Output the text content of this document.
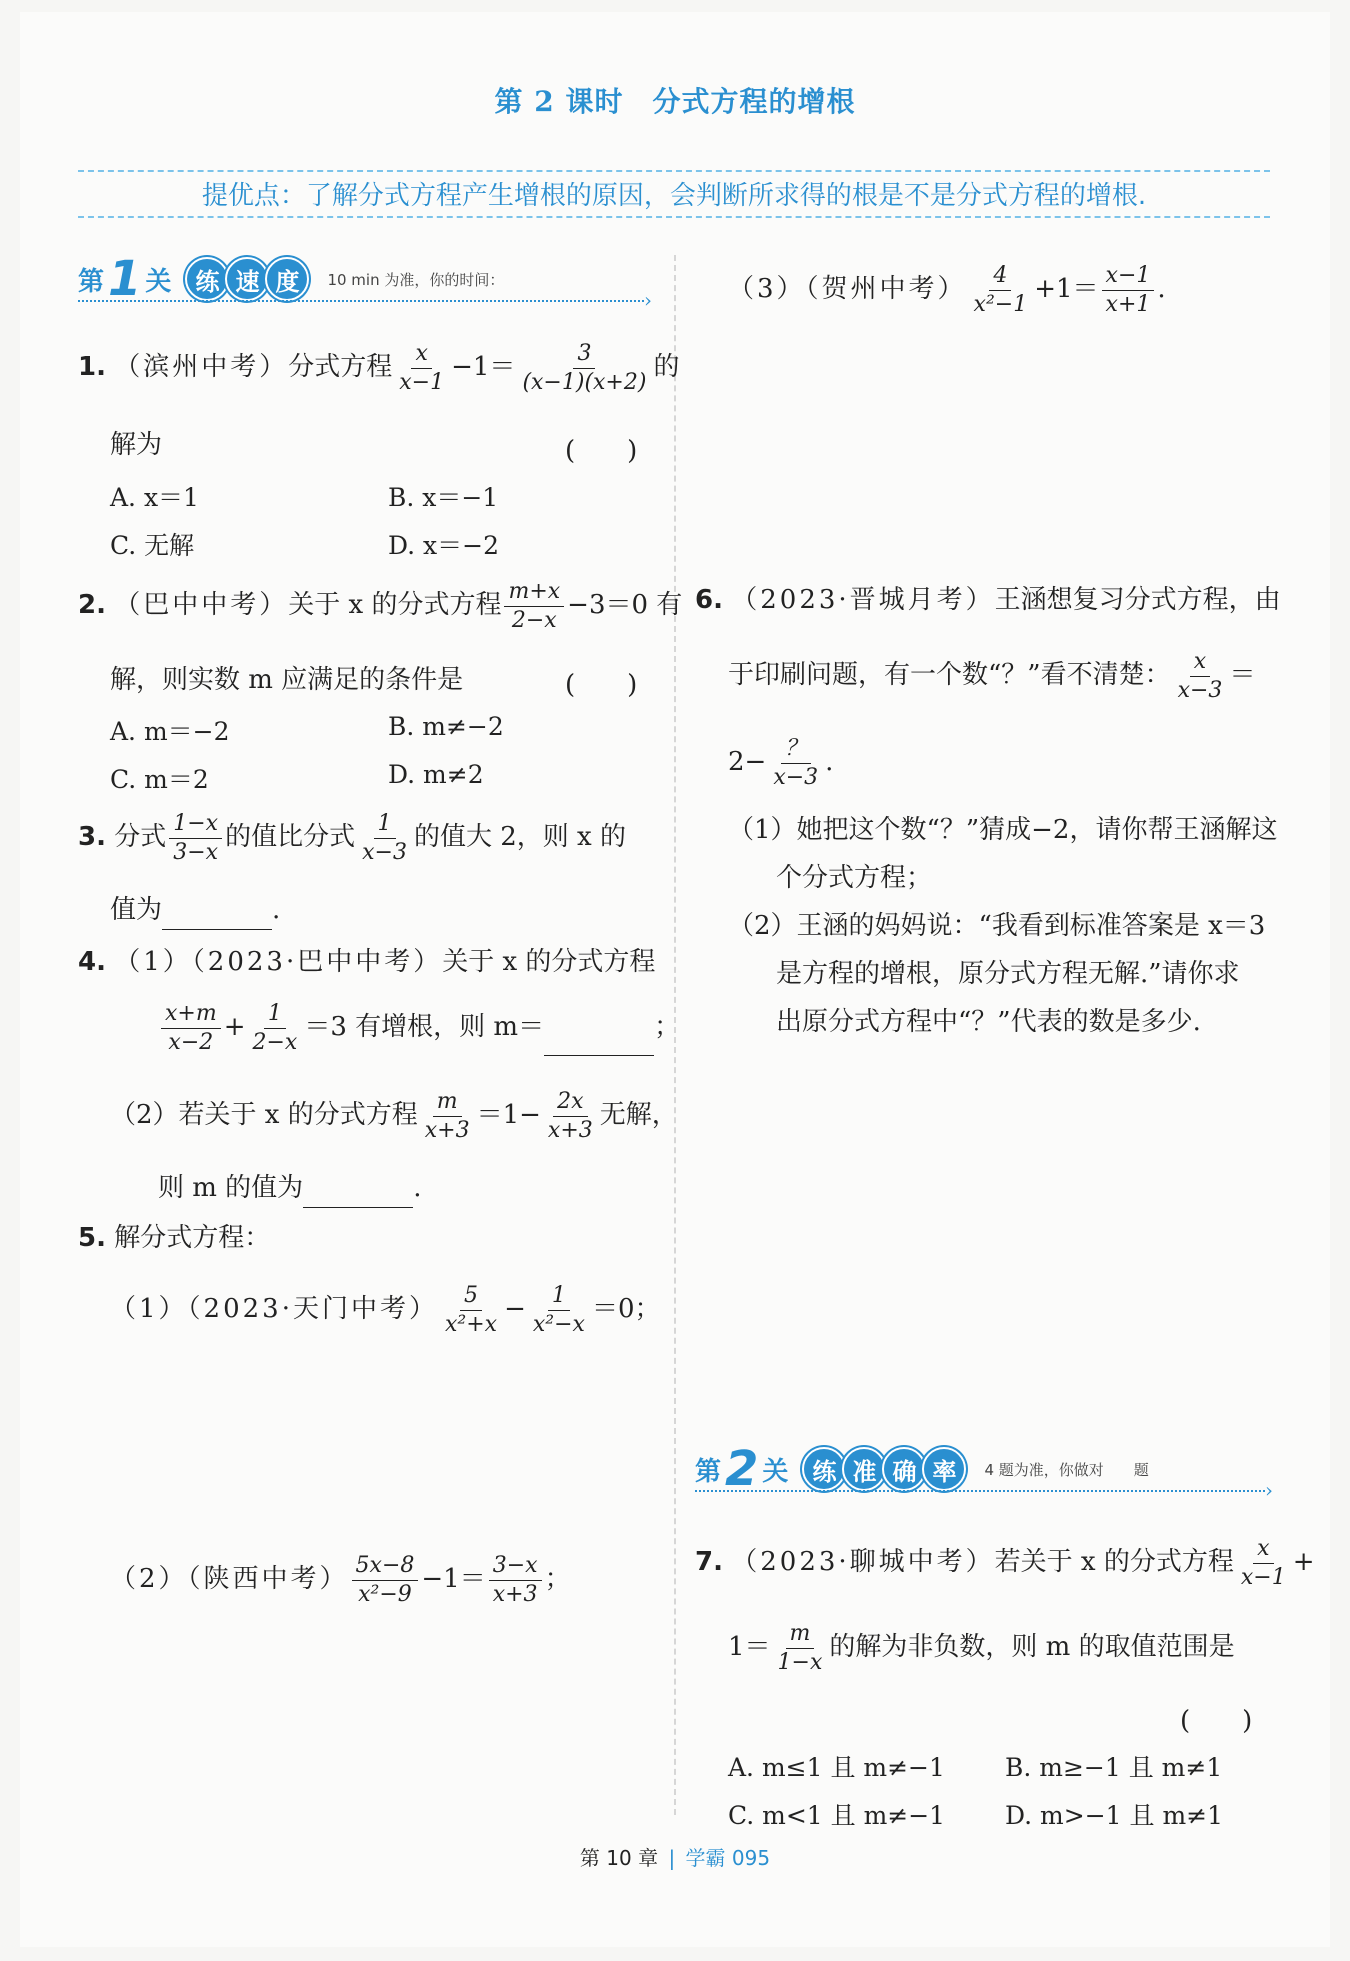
第 2 课时　分式方程的增根
提优点：了解分式方程产生增根的原因，会判断所求得的根是不是分式方程的增根.
第 1 关	练 速 度	10 min 为准，你的时间：
›
1. （滨州中考）分式方程 $\frac{x}{x-1} -1= \frac{3}{(x-1)(x+2)}$ 的
解为	(　　)
A. x＝1	B. x＝−1
C. 无解	D. x＝−2
2. （巴中中考）关于 x 的分式方程 $\frac{m+x}{2-x} -3=0$ 有
解，则实数 m 应满足的条件是	(　　)
A. m＝−2	B. m≠−2
C. m＝2	D. m≠2
3. 分式 $\frac{1-x}{3-x}$ 的值比分式 $\frac{1}{x-3}$ 的值大 2，则 x 的
值为	.
4. （1）（2023·巴中中考）关于 x 的分式方程
$\frac{x+m}{x-2} + \frac{1}{2-x} =3$ 有增根，则 m＝	；
（2）若关于 x 的分式方程 $\frac{m}{x+3} =1- \frac{2x}{x+3}$ 无解，
则 m 的值为	.
5. 解分式方程：
（1）（2023·天门中考） $\frac{5}{\text{x²+x}} - \frac{1}{\text{x²−x}} =0$；
（2）（陕西中考） $\frac{5x-8}{\text{x²−9}} -1= \frac{3-x}{x+3}$ ；
（3）（贺州中考） $\frac{4}{\text{x²−1}} +1= \frac{x-1}{x+1}$ .
6. （2023·晋城月考）王涵想复习分式方程，由
于印刷问题，有一个数“？”看不清楚： $\frac{x}{x-3}$ ＝
$2- \frac{?}{x-3}$ .
（1）她把这个数“？”猜成−2，请你帮王涵解这
个分式方程；
（2）王涵的妈妈说：“我看到标准答案是 x＝3
是方程的增根，原分式方程无解.”请你求
出原分式方程中“？”代表的数是多少.
第 2 关	练 准 确 率	4 题为准，你做对　　题
›
7. （2023·聊城中考）若关于 x 的分式方程 $\frac{x}{x-1}$ +
$1= \frac{m}{1-x}$ 的解为非负数，则 m 的取值范围是
(　　)
A. m≤1 且 m≠−1 B. m≥−1 且 m≠1
C. m<1 且 m≠−1 D. m>−1 且 m≠1
第 10 章 | 学霸 095
